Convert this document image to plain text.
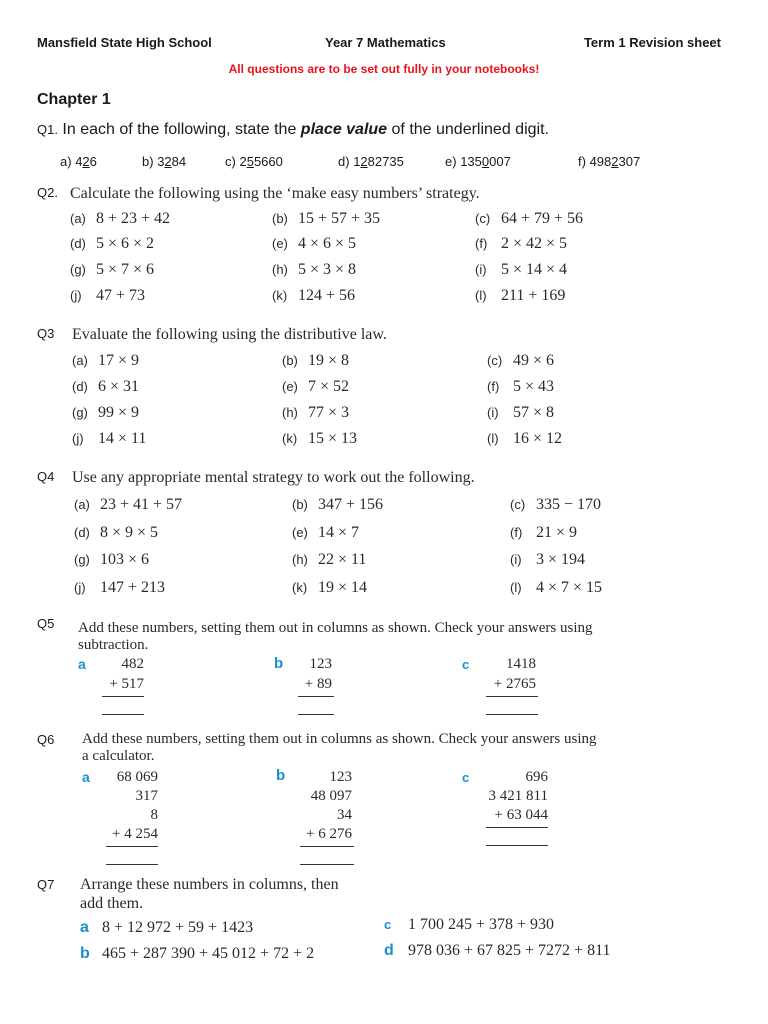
Mansfield State High School	Year 7 Mathematics	Term 1 Revision sheet
All questions are to be set out fully in your notebooks!
Chapter 1
Q1. In each of the following, state the place value of the underlined digit.
a) 426	b) 3284	c) 255660	d) 1282735	e) 1350007	f) 4982307
Q2. Calculate the following using the ‘make easy numbers’ strategy.
(a) 8 + 23 + 42	(b) 15 + 57 + 35	(c) 64 + 79 + 56
(d) 5 × 6 × 2	(e) 4 × 6 × 5	(f) 2 × 42 × 5
(g) 5 × 7 × 6	(h) 5 × 3 × 8	(i) 5 × 14 × 4
(j) 47 + 73	(k) 124 + 56	(l) 211 + 169
Q3 Evaluate the following using the distributive law.
(a) 17 × 9	(b) 19 × 8	(c) 49 × 6
(d) 6 × 31	(e) 7 × 52	(f) 5 × 43
(g) 99 × 9	(h) 77 × 3	(i) 57 × 8
(j) 14 × 11	(k) 15 × 13	(l) 16 × 12
Q4 Use any appropriate mental strategy to work out the following.
(a) 23 + 41 + 57	(b) 347 + 156	(c) 335 − 170
(d) 8 × 9 × 5	(e) 14 × 7	(f) 21 × 9
(g) 103 × 6	(h) 22 × 11	(i) 3 × 194
(j) 147 + 213	(k) 19 × 14	(l) 4 × 7 × 15
Q5 Add these numbers, setting them out in columns as shown. Check your answers using
subtraction.
a	482
+ 517
b	123
+ 89
c	1418
+ 2765
Q6 Add these numbers, setting them out in columns as shown. Check your answers using
a calculator.
a	68 069
317
8
+ 4 254
b	123
48 097
34
+ 6 276
c	696
3 421 811
+ 63 044
Q7 Arrange these numbers in columns, then
add them.
a 8 + 12 972 + 59 + 1423
b 465 + 287 390 + 45 012 + 72 + 2
c 1 700 245 + 378 + 930
d 978 036 + 67 825 + 7272 + 811
